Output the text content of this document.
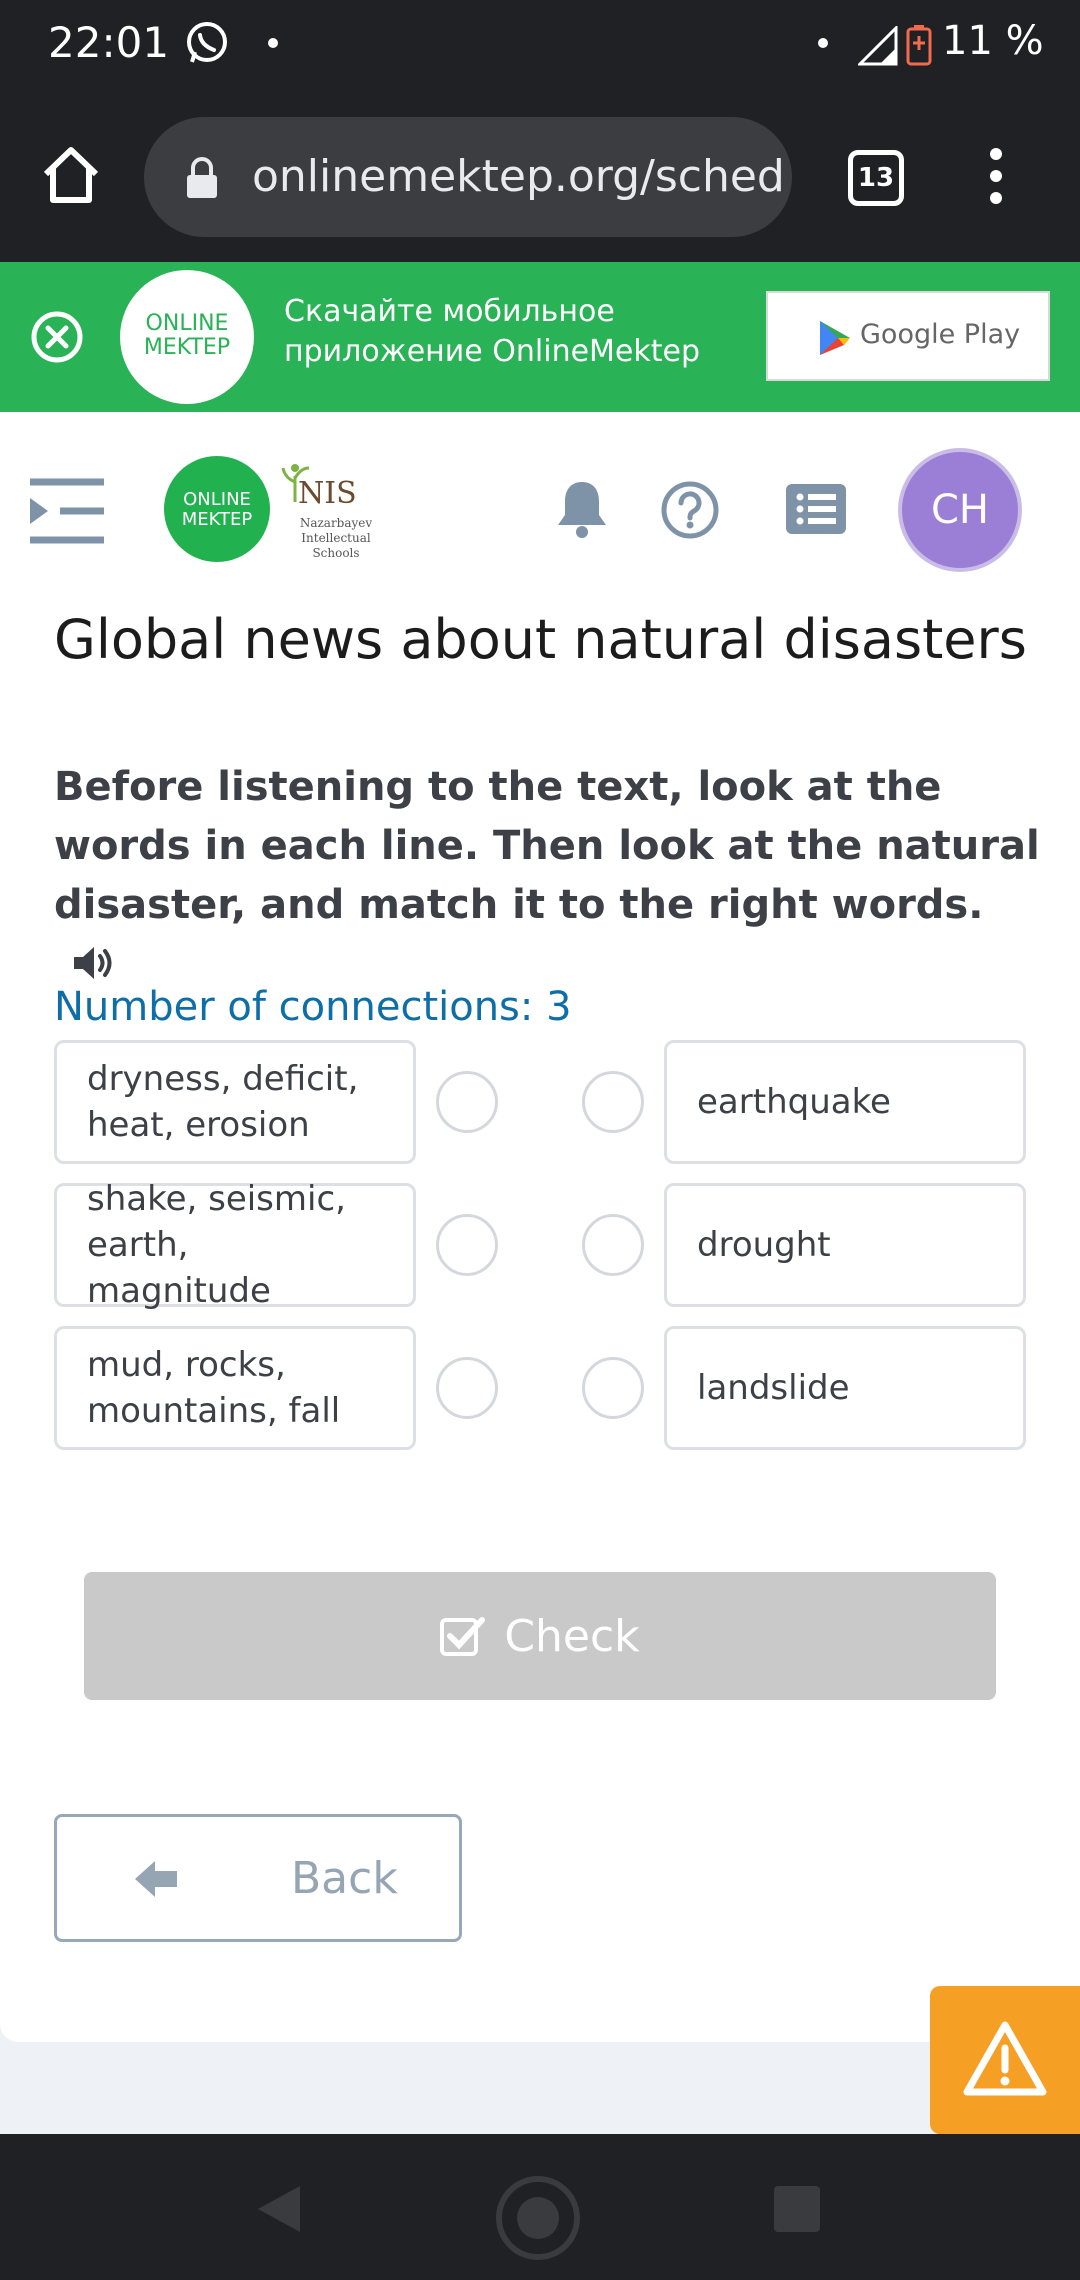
22:01	11 %
onlinemektep.org/sched	13
ONLINE
MEKTEP
Скачайте мобильное
приложение OnlineMektep	Google Play
ONLINE
MEKTEP
NIS
Nazarbayev Intellectual Schools
CH
Global news about natural disasters
Before listening to the text, look at the words in each line. Then look at the natural disaster, and match it to the right words.
Number of connections: 3
dryness, deficit, heat, erosion
earthquake
shake, seismic, earth, magnitude
drought
mud, rocks, mountains, fall
landslide
Check
Back
